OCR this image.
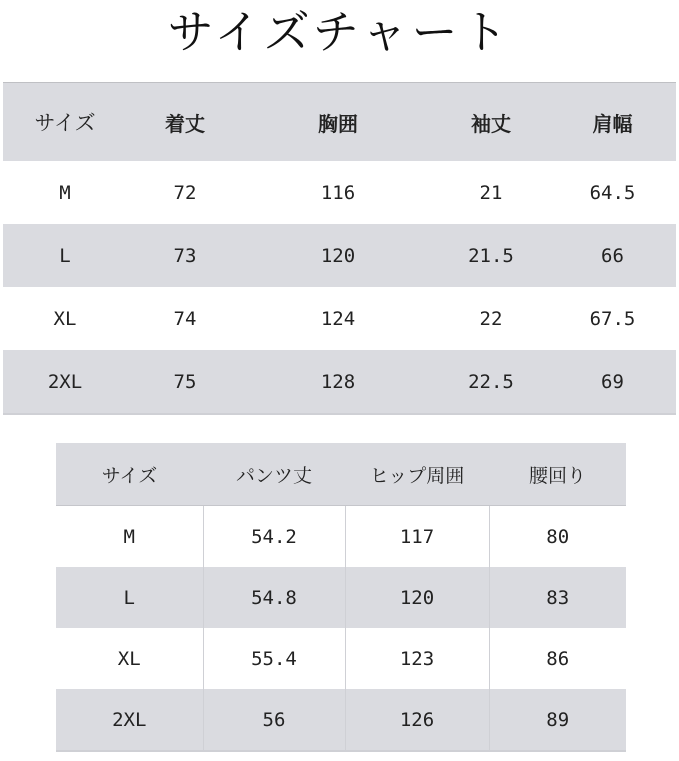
サイズチャート
サイズ	着丈	胸囲	袖丈	肩幅
M	72	116	21	64.5
L	73	120	21.5	66
XL	74	124	22	67.5
2XL	75	128	22.5	69
サイズ	パンツ丈	ヒップ周囲	腰回り
M	54.2	117	80
L	54.8	120	83
XL	55.4	123	86
2XL	56	126	89
